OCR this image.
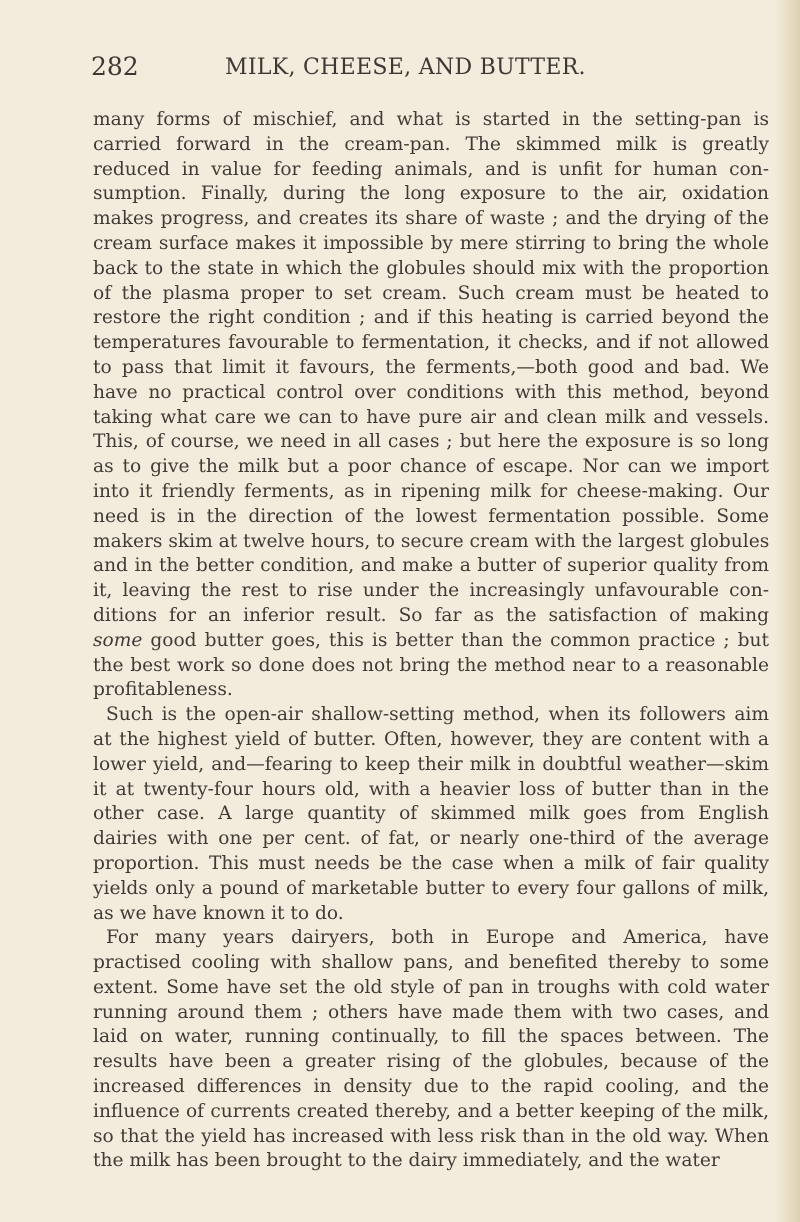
282	MILK, CHEESE, AND BUTTER.
many forms of mischief, and what is started in the setting-pan is
carried forward in the cream-pan. The skimmed milk is greatly
reduced in value for feeding animals, and is unfit for human con-
sumption. Finally, during the long exposure to the air, oxidation
makes progress, and creates its share of waste ; and the drying of the
cream surface makes it impossible by mere stirring to bring the whole
back to the state in which the globules should mix with the proportion
of the plasma proper to set cream. Such cream must be heated to
restore the right condition ; and if this heating is carried beyond the
temperatures favourable to fermentation, it checks, and if not allowed
to pass that limit it favours, the ferments,—both good and bad. We
have no practical control over conditions with this method, beyond
taking what care we can to have pure air and clean milk and vessels.
This, of course, we need in all cases ; but here the exposure is so long
as to give the milk but a poor chance of escape. Nor can we import
into it friendly ferments, as in ripening milk for cheese-making. Our
need is in the direction of the lowest fermentation possible. Some
makers skim at twelve hours, to secure cream with the largest globules
and in the better condition, and make a butter of superior quality from
it, leaving the rest to rise under the increasingly unfavourable con-
ditions for an inferior result. So far as the satisfaction of making
some good butter goes, this is better than the common practice ; but
the best work so done does not bring the method near to a reasonable
profitableness.
Such is the open-air shallow-setting method, when its followers aim
at the highest yield of butter. Often, however, they are content with a
lower yield, and—fearing to keep their milk in doubtful weather—skim
it at twenty-four hours old, with a heavier loss of butter than in the
other case. A large quantity of skimmed milk goes from English
dairies with one per cent. of fat, or nearly one-third of the average
proportion. This must needs be the case when a milk of fair quality
yields only a pound of marketable butter to every four gallons of milk,
as we have known it to do.
For many years dairyers, both in Europe and America, have
practised cooling with shallow pans, and benefited thereby to some
extent. Some have set the old style of pan in troughs with cold water
running around them ; others have made them with two cases, and
laid on water, running continually, to fill the spaces between. The
results have been a greater rising of the globules, because of the
increased differences in density due to the rapid cooling, and the
influence of currents created thereby, and a better keeping of the milk,
so that the yield has increased with less risk than in the old way. When
the milk has been brought to the dairy immediately, and the water
